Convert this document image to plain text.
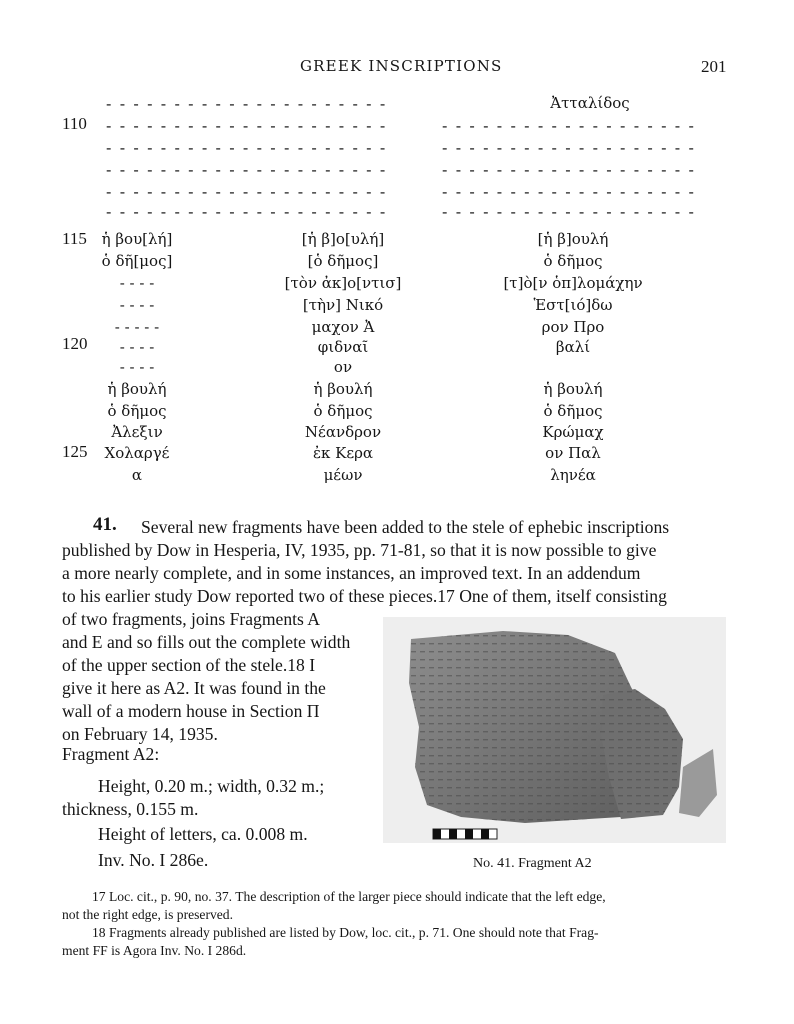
GREEK INSCRIPTIONS	201
110
115
120
125
- - - - - - - - - - - - - - - - - - - - -
- - - - - - - - - - - - - - - - - - - - -
- - - - - - - - - - - - - - - - - - - - -
- - - - - - - - - - - - - - - - - - - - -
- - - - - - - - - - - - - - - - - - - - -
- - - - - - - - - - - - - - - - - - - - -
ἡ βου[λή]
ὁ δῆ[μος]
- - - -
- - - -
- - - - -
- - - -
- - - -
ἡ βουλή
ὁ δῆμος
Ἀλεξιν
Χολαργέ
α
[ἡ β]ο[υλή]
[ὁ δῆμος]
[τὸν ἀκ]ο[ντισ]
[τὴν] Νικό
μαχον Ἀ
φιδναῖ
ον
ἡ βουλή
ὁ δῆμος
Νέανδρον
ἐκ Κερα
μέων
Ἀτταλίδος
- - - - - - - - - - - - - - - - - - -
- - - - - - - - - - - - - - - - - - -
- - - - - - - - - - - - - - - - - - -
- - - - - - - - - - - - - - - - - - -
- - - - - - - - - - - - - - - - - - -
[ἡ β]ουλή
ὁ δῆμος
[τ]ὸ[ν ὁπ]λομάχην
Ἑστ[ιό]δω
ρον Προ
βαλί
ἡ βουλή
ὁ δῆμος
Κρώμαχ
ον Παλ
ληνέα
41. Several new fragments have been added to the stele of ephebic inscriptions
published by Dow in Hesperia, IV, 1935, pp. 71-81, so that it is now possible to give
a more nearly complete, and in some instances, an improved text. In an addendum
to his earlier study Dow reported two of these pieces.17 One of them, itself consisting
of two fragments, joins Fragments A
and E and so fills out the complete width
of the upper section of the stele.18 I
give it here as A2. It was found in the
wall of a modern house in Section Π
on February 14, 1935.
Fragment A2:
Height, 0.20 m.; width, 0.32 m.;
thickness, 0.155 m.
Height of letters, ca. 0.008 m.
Inv. No. I 286e.	No. 41. Fragment A2
17 Loc. cit., p. 90, no. 37. The description of the larger piece should indicate that the left edge,
not the right edge, is preserved.
18 Fragments already published are listed by Dow, loc. cit., p. 71. One should note that Frag-
ment FF is Agora Inv. No. I 286d.
